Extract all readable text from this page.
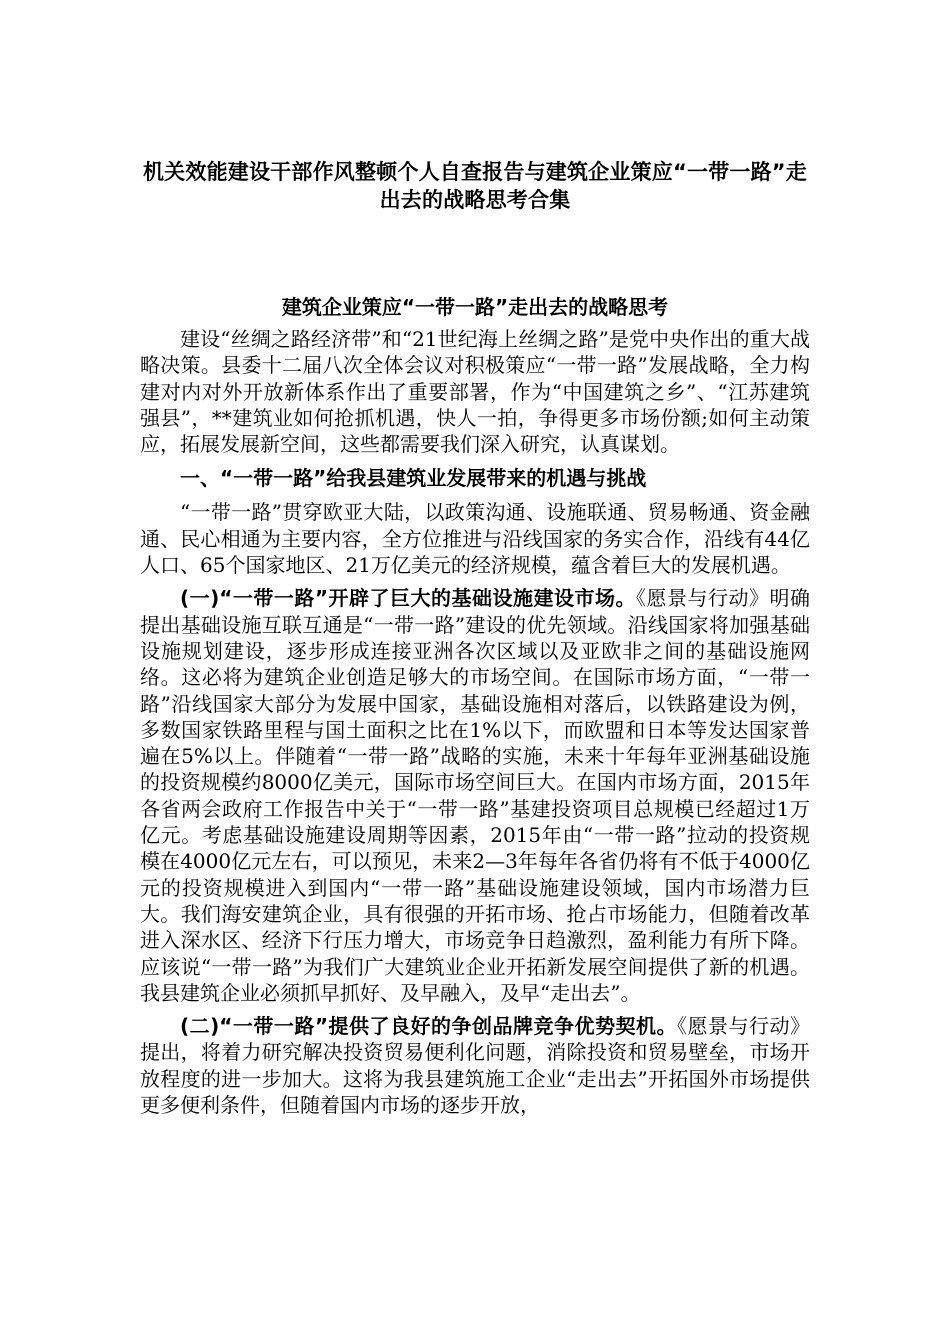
机关效能建设干部作风整顿个人自查报告与建筑企业策应“一带一路”走出去的战略思考合集
建筑企业策应“一带一路”走出去的战略思考

建设“丝绸之路经济带”和“21世纪海上丝绸之路”是党中央作出的重大战略决策。县委十二届八次全体会议对积极策应“一带一路”发展战略，全力构建对内对外开放新体系作出了重要部署，作为“中国建筑之乡”、“江苏建筑强县”，**建筑业如何抢抓机遇，快人一拍，争得更多市场份额;如何主动策应，拓展发展新空间，这些都需要我们深入研究，认真谋划。

一、“一带一路”给我县建筑业发展带来的机遇与挑战

“一带一路”贯穿欧亚大陆，以政策沟通、设施联通、贸易畅通、资金融通、民心相通为主要内容，全方位推进与沿线国家的务实合作，沿线有44亿人口、65个国家地区、21万亿美元的经济规模，蕴含着巨大的发展机遇。

(一)“一带一路”开辟了巨大的基础设施建设市场。《愿景与行动》明确提出基础设施互联互通是“一带一路”建设的优先领域。沿线国家将加强基础设施规划建设，逐步形成连接亚洲各次区域以及亚欧非之间的基础设施网络。这必将为建筑企业创造足够大的市场空间。在国际市场方面，“一带一路”沿线国家大部分为发展中国家，基础设施相对落后，以铁路建设为例，多数国家铁路里程与国土面积之比在1%以下，而欧盟和日本等发达国家普遍在5%以上。伴随着“一带一路”战略的实施，未来十年每年亚洲基础设施的投资规模约8000亿美元，国际市场空间巨大。在国内市场方面，2015年各省两会政府工作报告中关于“一带一路”基建投资项目总规模已经超过1万亿元。考虑基础设施建设周期等因素，2015年由“一带一路”拉动的投资规模在4000亿元左右，可以预见，未来2—3年每年各省仍将有不低于4000亿元的投资规模进入到国内“一带一路”基础设施建设领域，国内市场潜力巨大。我们海安建筑企业，具有很强的开拓市场、抢占市场能力，但随着改革进入深水区、经济下行压力增大，市场竞争日趋激烈，盈利能力有所下降。应该说“一带一路”为我们广大建筑业企业开拓新发展空间提供了新的机遇。我县建筑企业必须抓早抓好、及早融入，及早“走出去”。

(二)“一带一路”提供了良好的争创品牌竞争优势契机。《愿景与行动》提出，将着力研究解决投资贸易便利化问题，消除投资和贸易壁垒，市场开放程度的进一步加大。这将为我县建筑施工企业“走出去”开拓国外市场提供更多便利条件，但随着国内市场的逐步开放，
